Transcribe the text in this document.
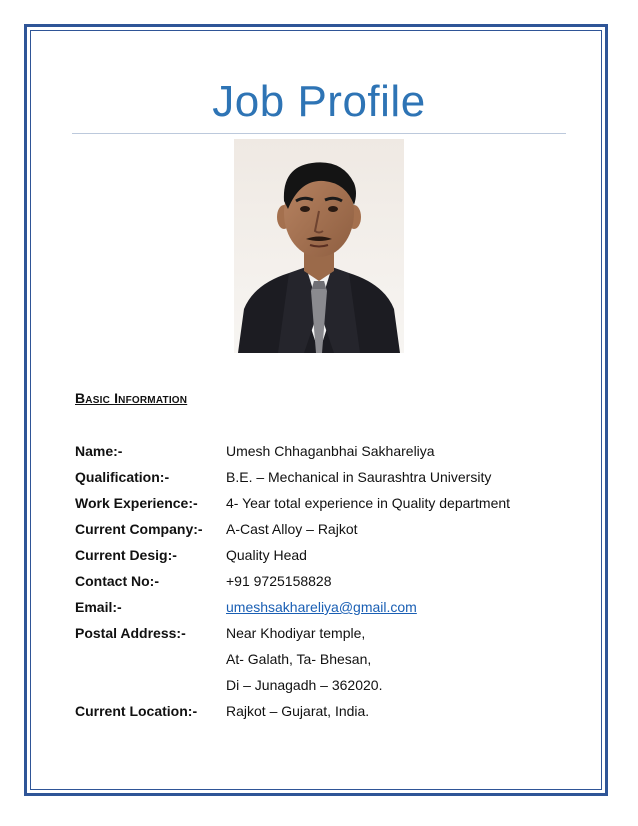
Job Profile
Basic Information
Name:-	Umesh Chhaganbhai Sakhareliya
Qualification:-	B.E. – Mechanical in Saurashtra University
Work Experience:- 4- Year total experience in Quality department
Current Company:- A-Cast Alloy – Rajkot
Current Desig:-	Quality Head
Contact No:-	+91 9725158828
Email:-	umeshsakhareliya@gmail.com
Postal Address:-	Near Khodiyar temple,
At- Galath, Ta- Bhesan,
Di – Junagadh – 362020.
Current Location:- Rajkot – Gujarat, India.
